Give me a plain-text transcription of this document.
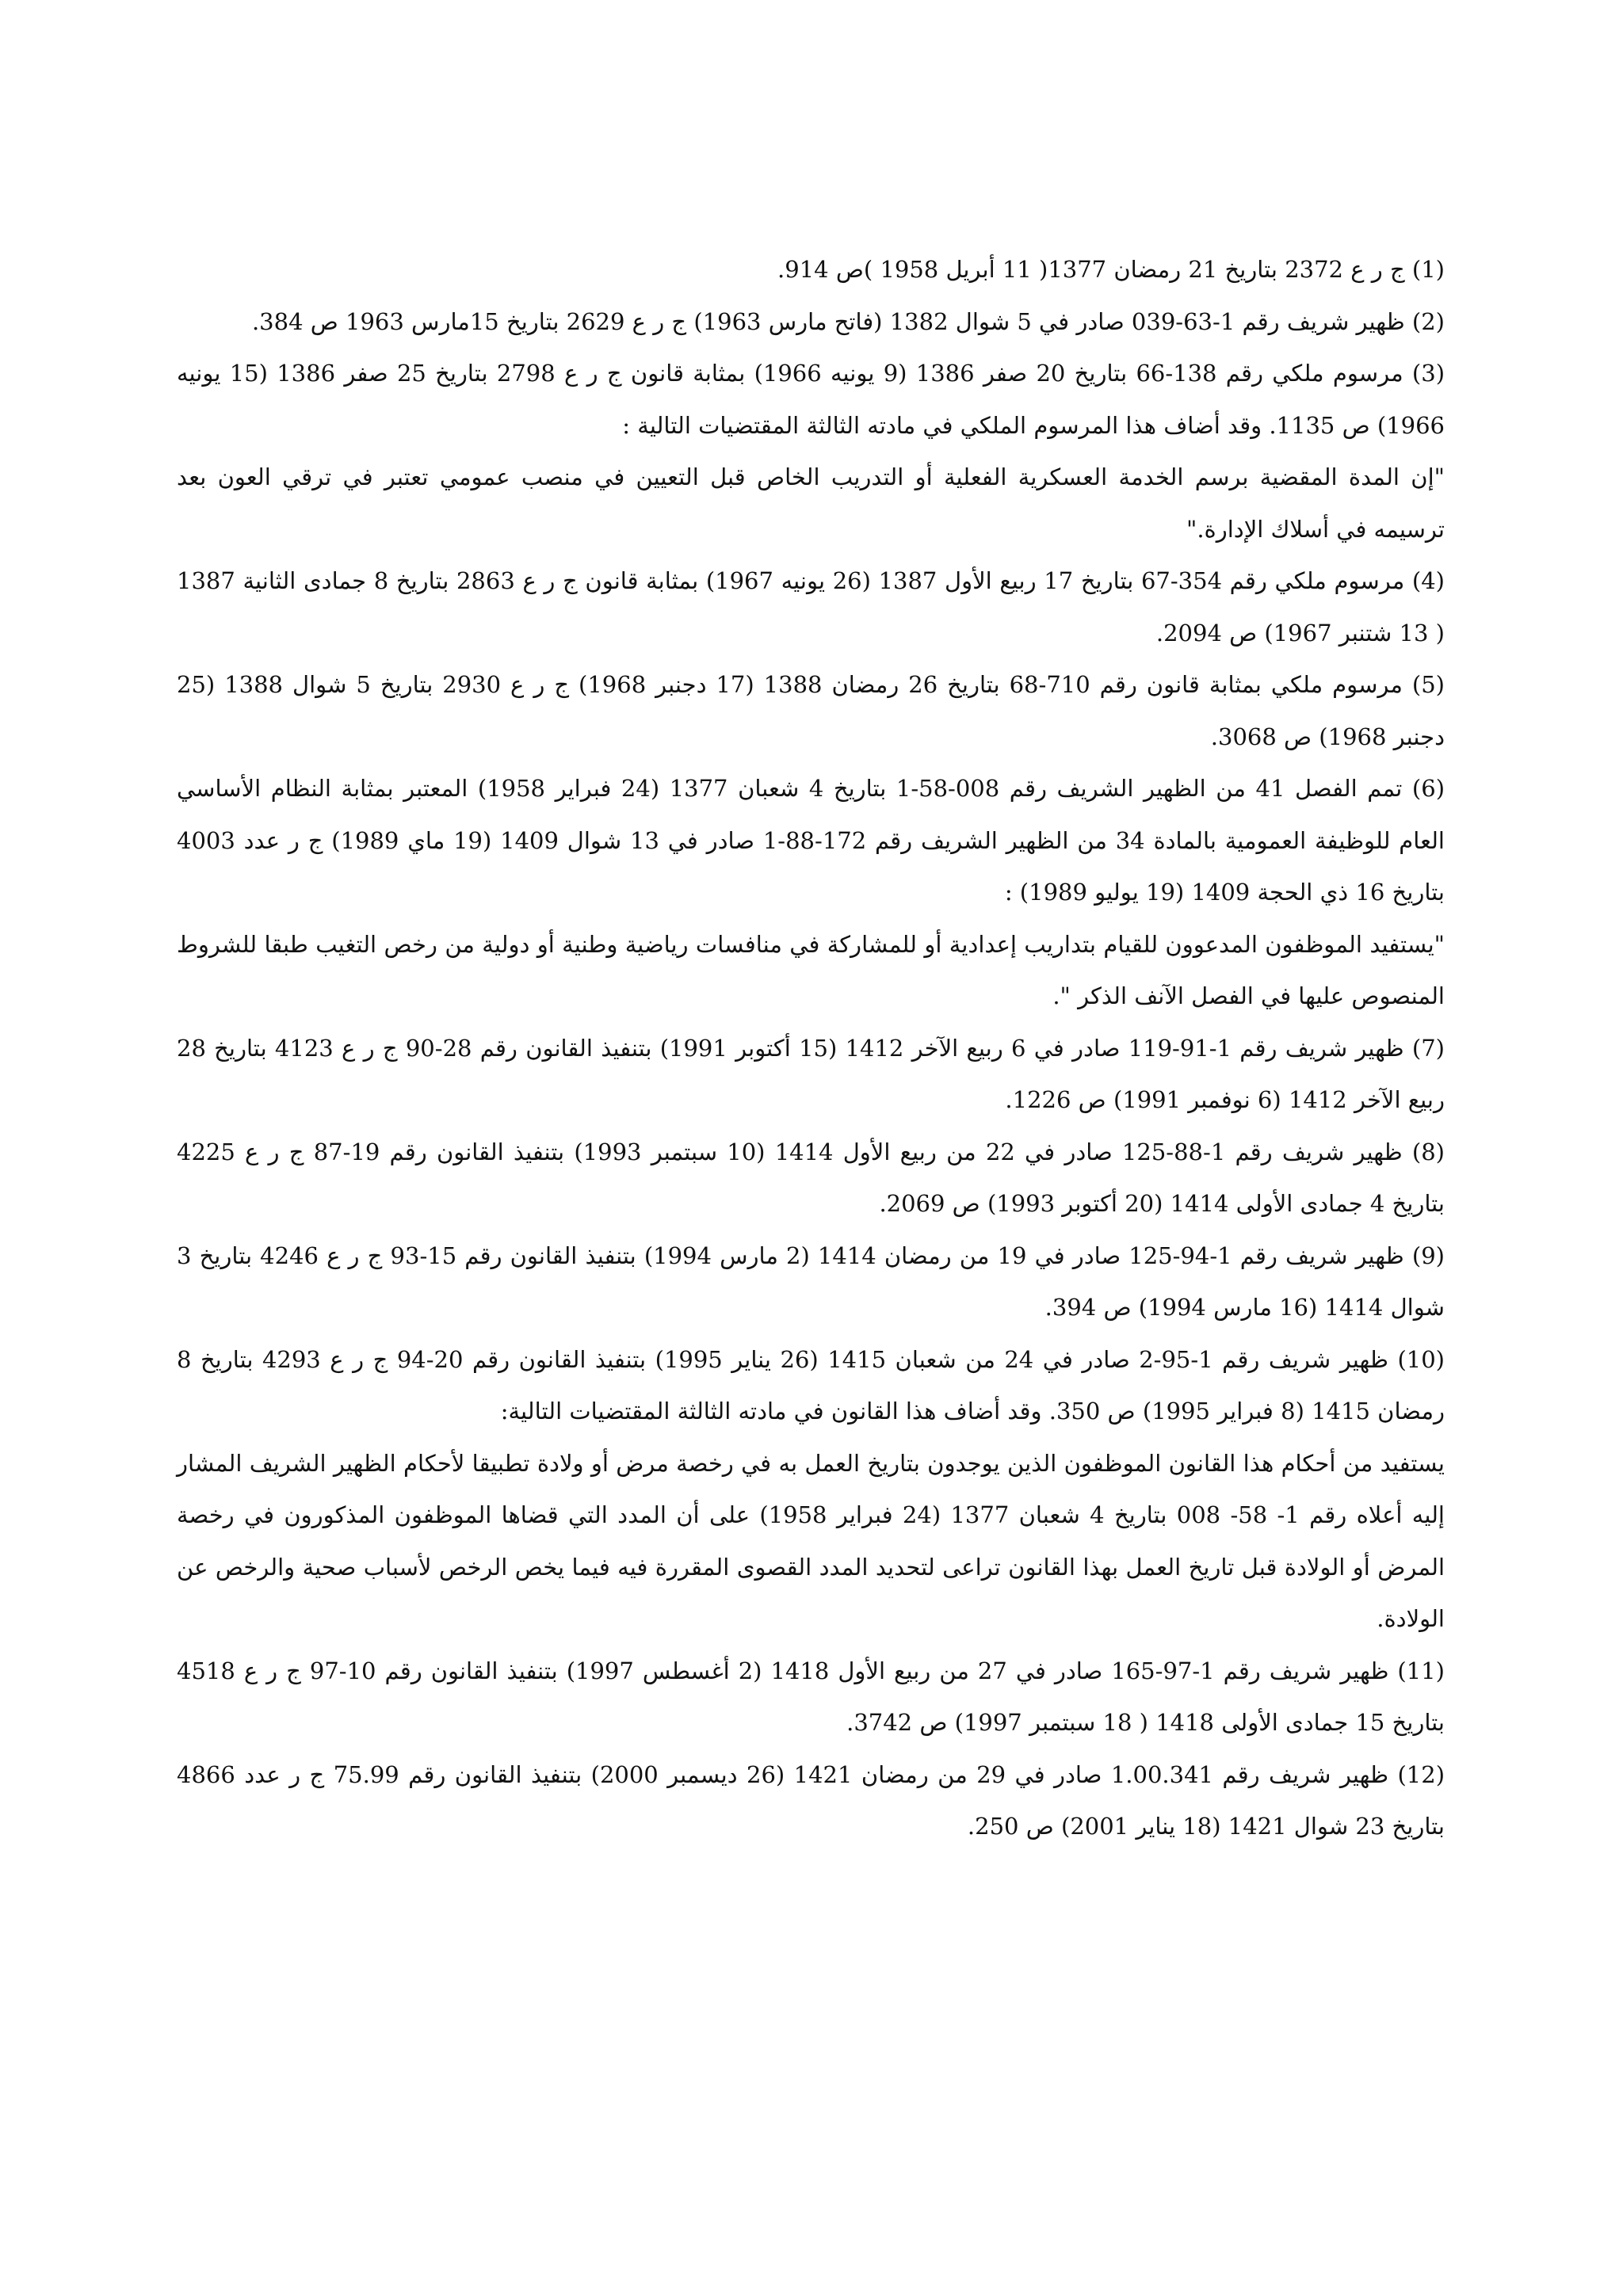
(1) ج ر ع 2372 بتاريخ 21 رمضان 1377( 11 أبريل 1958 )ص 914.

(2) ظهير شريف رقم 1-63-039 صادر في 5 شوال 1382 (فاتح مارس 1963) ج ر ع 2629 بتاريخ 15مارس 1963 ص 384.

(3) مرسوم ملكي رقم 138-66 بتاريخ 20 صفر 1386 (9 يونيه 1966) بمثابة قانون ج ر ع 2798 بتاريخ 25 صفر 1386 (15 يونيه 1966) ص 1135. وقد أضاف هذا المرسوم الملكي في مادته الثالثة المقتضيات التالية :

"إن المدة المقضية برسم الخدمة العسكرية الفعلية أو التدريب الخاص قبل التعيين في منصب عمومي تعتبر في ترقي العون بعد ترسيمه في أسلاك الإدارة."

(4) مرسوم ملكي رقم 354-67 بتاريخ 17 ربيع الأول 1387 (26 يونيه 1967) بمثابة قانون ج ر ع 2863 بتاريخ 8 جمادى الثانية 1387 ( 13 شتنبر 1967) ص 2094.

(5) مرسوم ملكي بمثابة قانون رقم 710-68 بتاريخ 26 رمضان 1388 (17 دجنبر 1968) ج ر ع 2930 بتاريخ 5 شوال 1388 (25 دجنبر 1968) ص 3068.

(6) تمم الفصل 41 من الظهير الشريف رقم 008-58-1 بتاريخ 4 شعبان 1377 (24 فبراير 1958) المعتبر بمثابة النظام الأساسي العام للوظيفة العمومية بالمادة 34 من الظهير الشريف رقم 172-88-1 صادر في 13 شوال 1409 (19 ماي 1989) ج ر عدد 4003 بتاريخ 16 ذي الحجة 1409 (19 يوليو 1989) :

"يستفيد الموظفون المدعوون للقيام بتداريب إعدادية أو للمشاركة في منافسات رياضية وطنية أو دولية من رخص التغيب طبقا للشروط المنصوص عليها في الفصل الآنف الذكر ".

(7) ظهير شريف رقم 1-91-119 صادر في 6 ربيع الآخر 1412 (15 أكتوبر 1991) بتنفيذ القانون رقم 28-90 ج ر ع 4123 بتاريخ 28 ربيع الآخر 1412 (6 نوفمبر 1991) ص 1226.

(8) ظهير شريف رقم 1-88-125 صادر في 22 من ربيع الأول 1414 (10 سبتمبر 1993) بتنفيذ القانون رقم 19-87 ج ر ع 4225 بتاريخ 4 جمادى الأولى 1414 (20 أكتوبر 1993) ص 2069.

(9) ظهير شريف رقم 1-94-125 صادر في 19 من رمضان 1414 (2 مارس 1994) بتنفيذ القانون رقم 15-93 ج ر ع 4246 بتاريخ 3 شوال 1414 (16 مارس 1994) ص 394.

(10) ظهير شريف رقم 1-95-2 صادر في 24 من شعبان 1415 (26 يناير 1995) بتنفيذ القانون رقم 20-94 ج ر ع 4293 بتاريخ 8 رمضان 1415 (8 فبراير 1995) ص 350. وقد أضاف هذا القانون في مادته الثالثة المقتضيات التالية:

يستفيد من أحكام هذا القانون الموظفون الذين يوجدون بتاريخ العمل به في رخصة مرض أو ولادة تطبيقا لأحكام الظهير الشريف المشار إليه أعلاه رقم 1- 58- 008 بتاريخ 4 شعبان 1377 (24 فبراير 1958) على أن المدد التي قضاها الموظفون المذكورون في رخصة المرض أو الولادة قبل تاريخ العمل بهذا القانون تراعى لتحديد المدد القصوى المقررة فيه فيما يخص الرخص لأسباب صحية والرخص عن الولادة.

(11) ظهير شريف رقم 1-97-165 صادر في 27 من ربيع الأول 1418 (2 أغسطس 1997) بتنفيذ القانون رقم 10-97 ج ر ع 4518 بتاريخ 15 جمادى الأولى 1418 ( 18 سبتمبر 1997) ص 3742.

(12) ظهير شريف رقم 1.00.341 صادر في 29 من رمضان 1421 (26 ديسمبر 2000) بتنفيذ القانون رقم 75.99 ج ر عدد 4866 بتاريخ 23 شوال 1421 (18 يناير 2001) ص 250.
